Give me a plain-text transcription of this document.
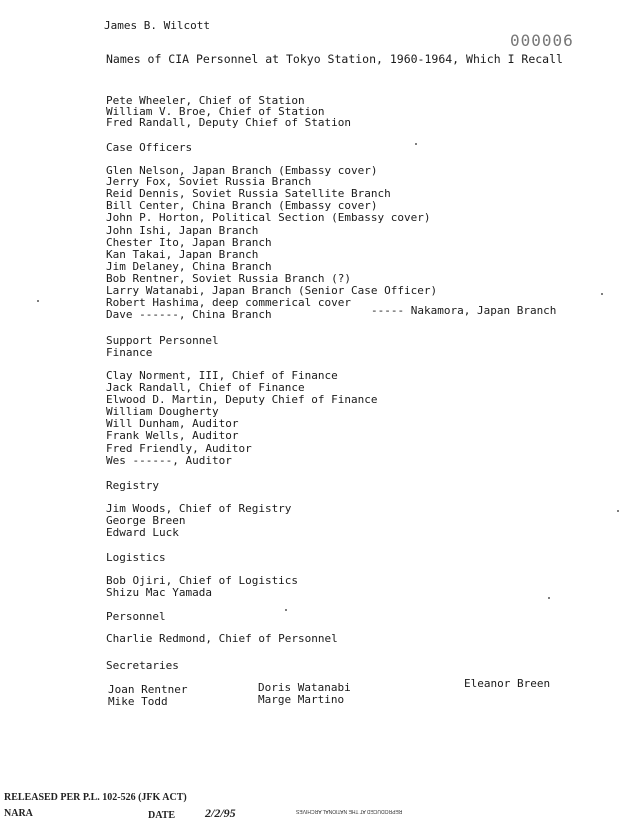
James B. Wilcott
000006
Names of CIA Personnel at Tokyo Station, 1960-1964, Which I Recall
Pete Wheeler, Chief of Station
William V. Broe, Chief of Station
Fred Randall, Deputy Chief of Station
Case Officers
Glen Nelson, Japan Branch (Embassy cover)
Jerry Fox, Soviet Russia Branch
Reid Dennis, Soviet Russia Satellite Branch
Bill Center, China Branch (Embassy cover)
John P. Horton, Political Section (Embassy cover)
John Ishi, Japan Branch
Chester Ito, Japan Branch
Kan Takai, Japan Branch
Jim Delaney, China Branch
Bob Rentner, Soviet Russia Branch (?)
Larry Watanabi, Japan Branch (Senior Case Officer)
Robert Hashima, deep commerical cover
Dave ------, China Branch	----- Nakamora, Japan Branch
Support Personnel
Finance
Clay Norment, III, Chief of Finance
Jack Randall, Chief of Finance
Elwood D. Martin, Deputy Chief of Finance
William Dougherty
Will Dunham, Auditor
Frank Wells, Auditor
Fred Friendly, Auditor
Wes ------, Auditor
Registry
Jim Woods, Chief of Registry
George Breen
Edward Luck
Logistics
Bob Ojiri, Chief of Logistics
Shizu Mac Yamada
Personnel
Charlie Redmond, Chief of Personnel
Secretaries
Joan Rentner
Mike Todd
Doris Watanabi
Marge Martino
Eleanor Breen
RELEASED PER P.L. 102-526 (JFK ACT)
NARA	DATE 2/2/95	REPRODUCED AT THE NATIONAL ARCHIVES
